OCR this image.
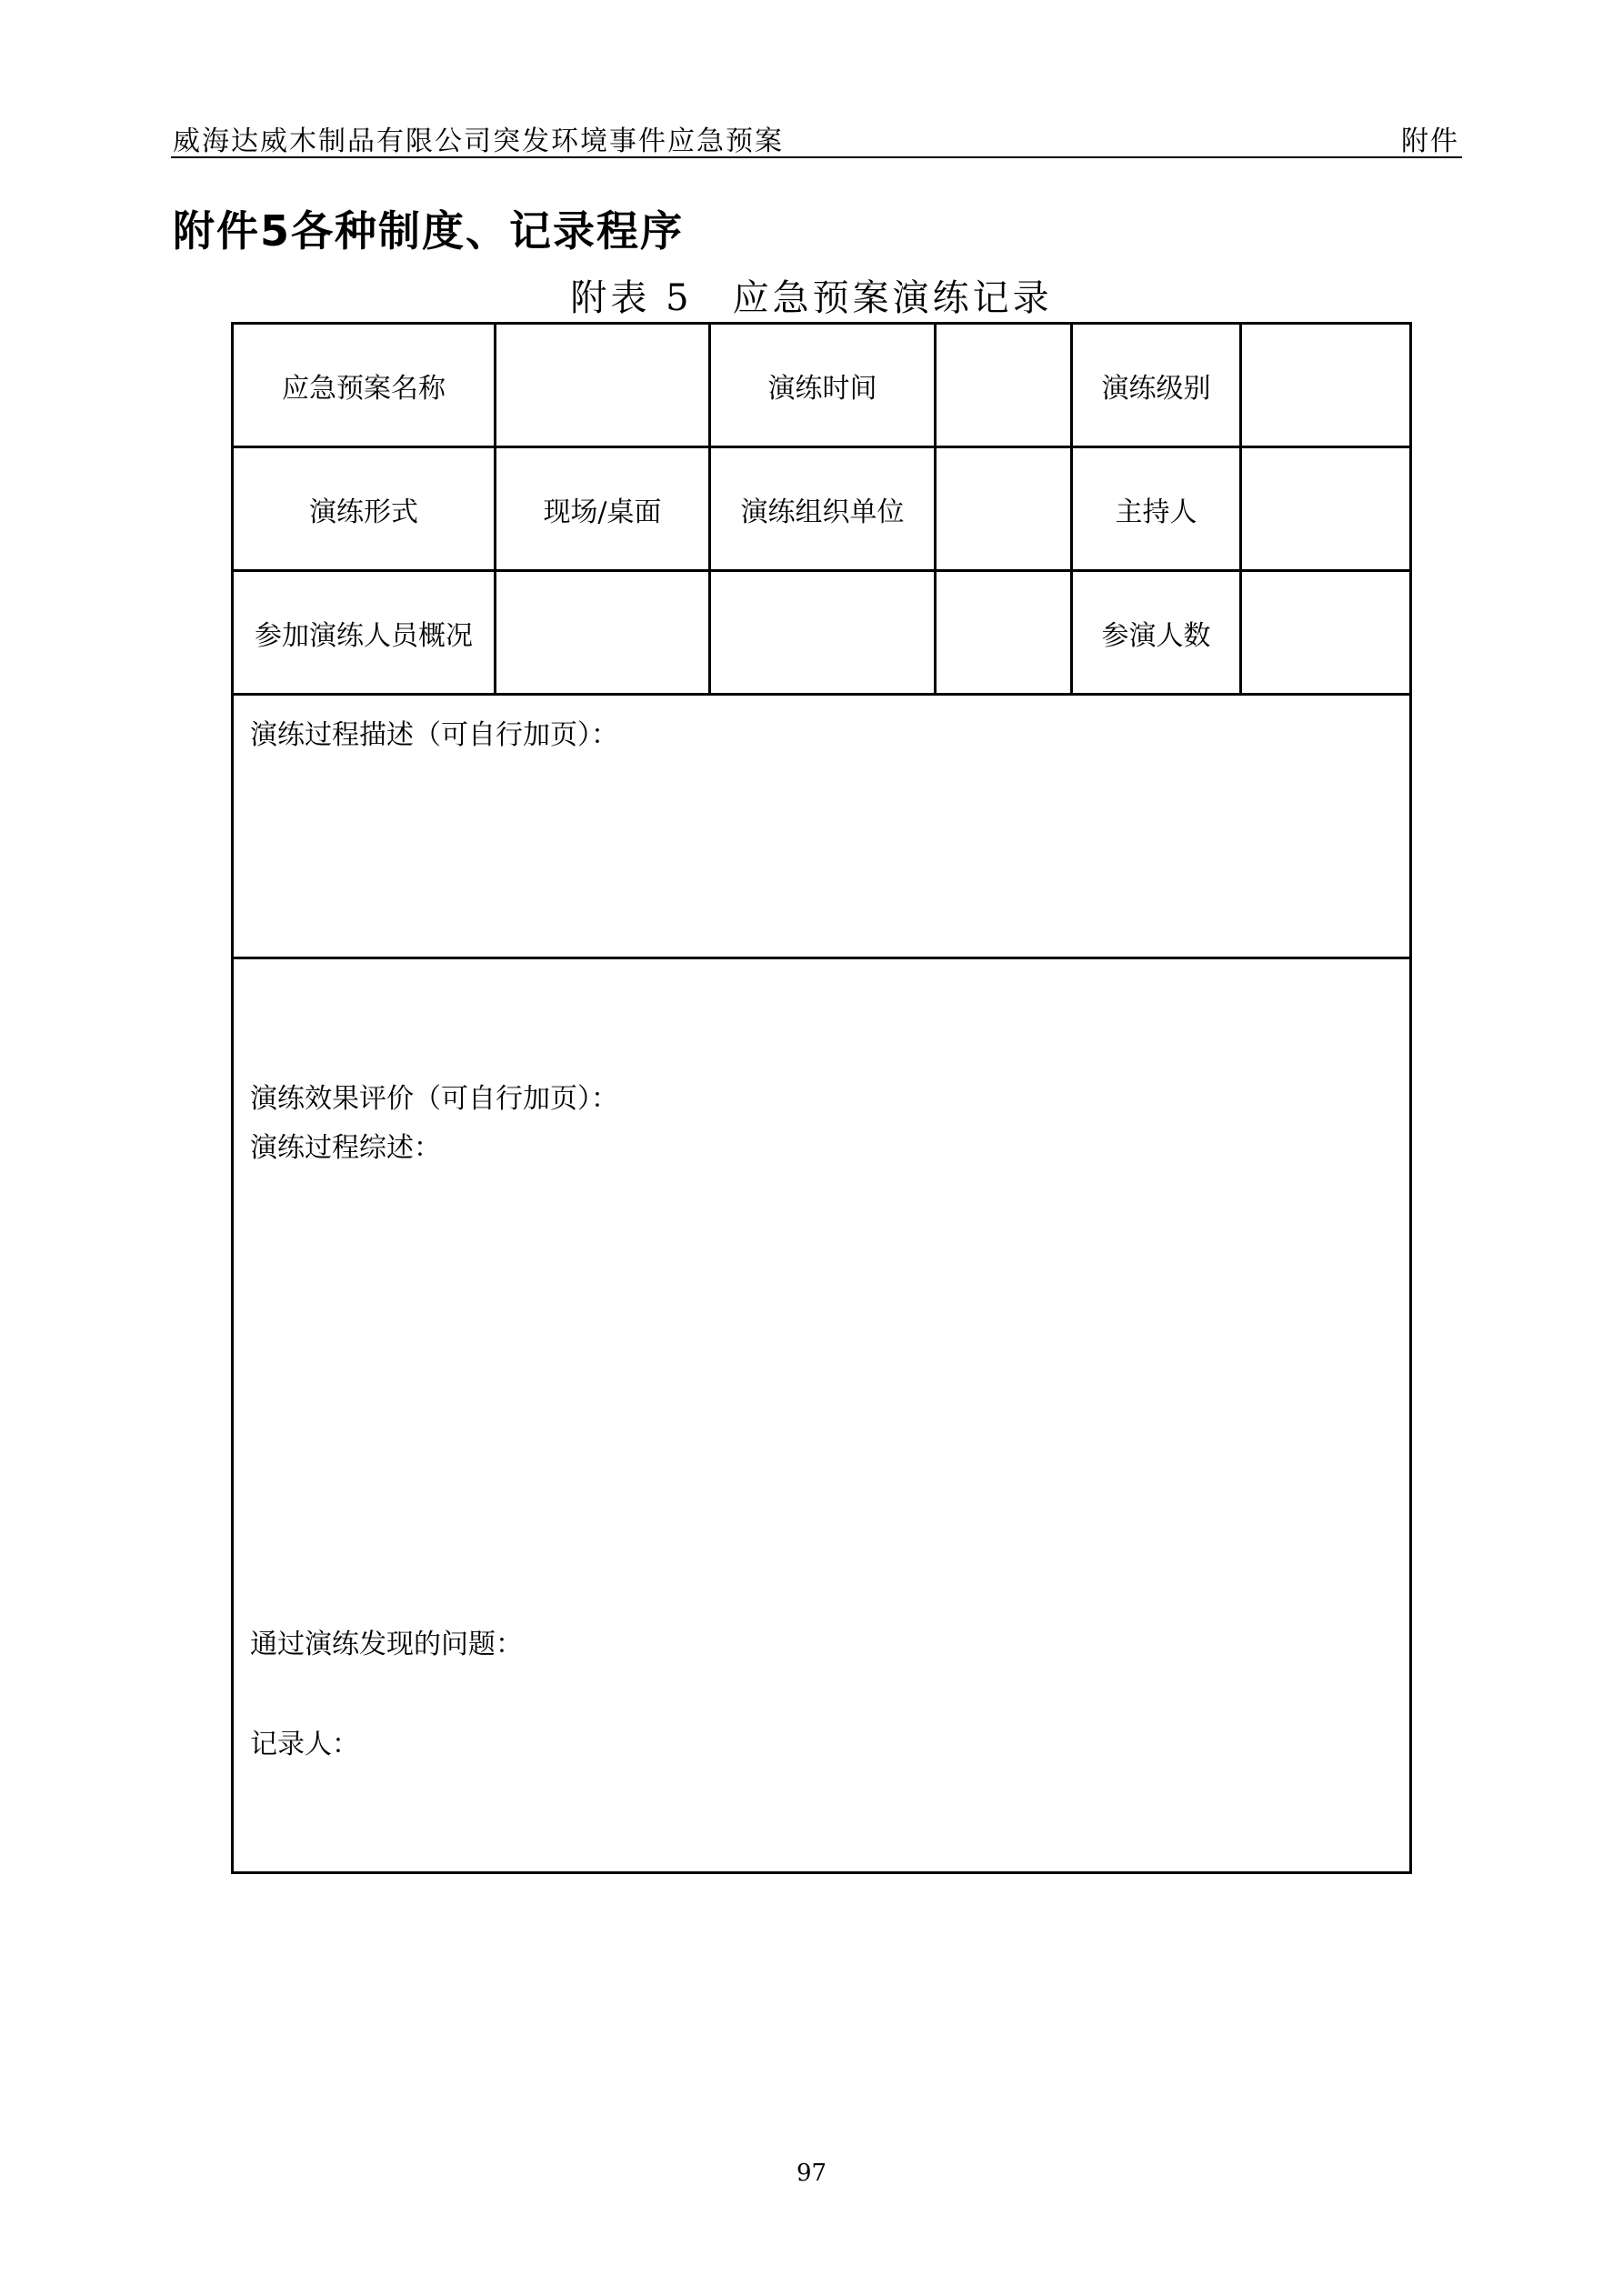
威海达威木制品有限公司突发环境事件应急预案	附件
附件5各种制度、记录程序
附表 5　应急预案演练记录
应急预案名称		演练时间		演练级别	
演练形式	现场/桌面	演练组织单位		主持人	
参加演练人员概况				参演人数	

演练过程描述（可自行加页）：					

演练效果评价（可自行加页）：
演练过程综述：
通过演练发现的问题：
记录人：					
97
